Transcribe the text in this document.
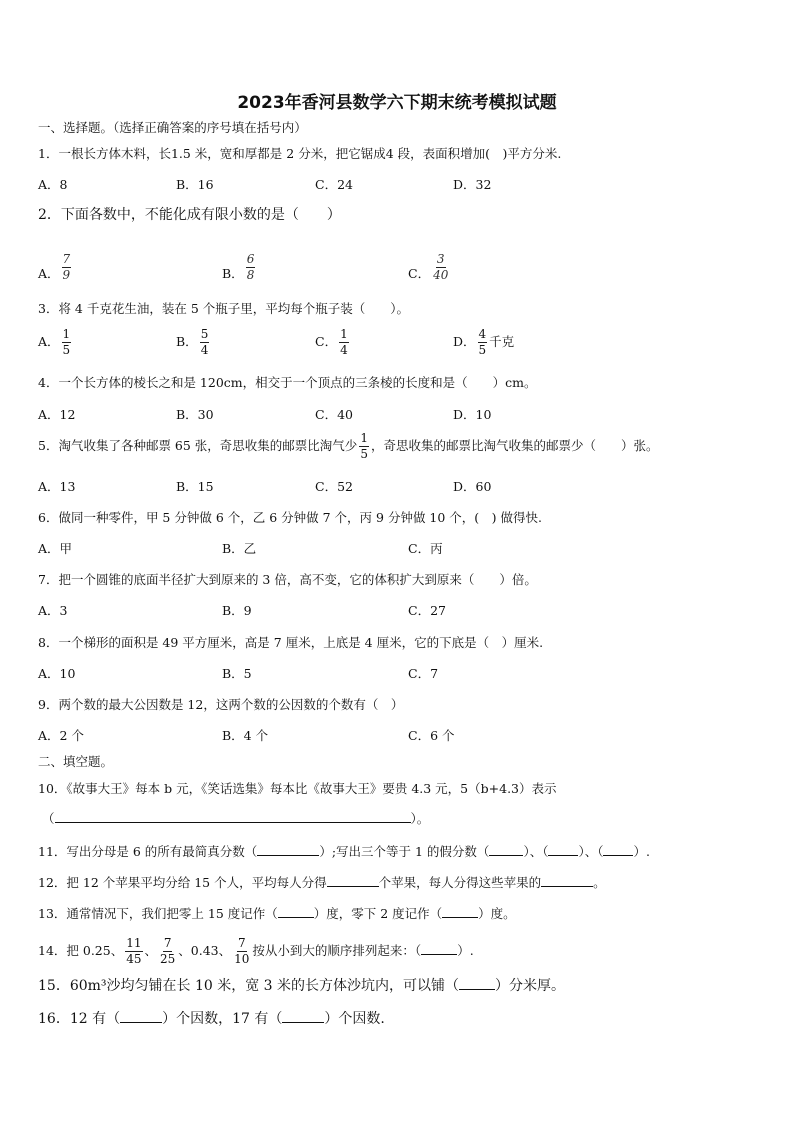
2023年香河县数学六下期末统考模拟试题
一、选择题。（选择正确答案的序号填在括号内）
1．一根长方体木料，长1.5 米，宽和厚都是 2 分米，把它锯成4 段，表面积增加(　)平方分米.
A．8	B．16	C．24	D．32
2．下面各数中，不能化成有限小数的是（　　）
A． $\frac{7}{9}$	B． $\frac{6}{8}$	C． $\frac{3}{40}$
3．将 4 千克花生油，装在 5 个瓶子里，平均每个瓶子装（　　）。
A． $\frac{1}{5}$	B． $\frac{5}{4}$	C． $\frac{1}{4}$	D． $\frac{4}{5}$ 千克
4．一个长方体的棱长之和是 120cm，相交于一个顶点的三条棱的长度和是（　　）cm。
A．12	B．30	C．40	D．10
5．淘气收集了各种邮票 65 张，奇思收集的邮票比淘气少 $\frac{1}{5}$ ，奇思收集的邮票比淘气收集的邮票少（　　）张。
A．13	B．15	C．52	D．60
6．做同一种零件，甲 5 分钟做 6 个，乙 6 分钟做 7 个，丙 9 分钟做 10 个，(　) 做得快.
A．甲	B．乙	C．丙
7．把一个圆锥的底面半径扩大到原来的 3 倍，高不变，它的体积扩大到原来（　　）倍。
A．3	B．9	C．27
8．一个梯形的面积是 49 平方厘米，高是 7 厘米，上底是 4 厘米，它的下底是（　）厘米.
A．10	B．5	C．7
9．两个数的最大公因数是 12，这两个数的公因数的个数有（　）
A．2 个	B．4 个	C．6 个
二、填空题。
10．《故事大王》每本 b 元，《笑话选集》每本比《故事大王》要贵 4.3 元，5（b+4.3）表示
（	）。
11．写出分母是 6 的所有最简真分数（	）;写出三个等于 1 的假分数（	）、（ ）、（ ）.
12．把 12 个苹果平均分给 15 个人，平均每人分得	个苹果，每人分得这些苹果的	。
13．通常情况下，我们把零上 15 度记作（	）度，零下 2 度记作（	）度。
14．把 0.25、 $\frac{11}{45}$ 、 $\frac{7}{25}$ 、0.43、 $\frac{7}{10}$ 按从小到大的顺序排列起来：（	）.
15．60m³沙均匀铺在长 10 米，宽 3 米的长方体沙坑内，可以铺（	）分米厚。
16．12 有（	）个因数，17 有（	）个因数.
